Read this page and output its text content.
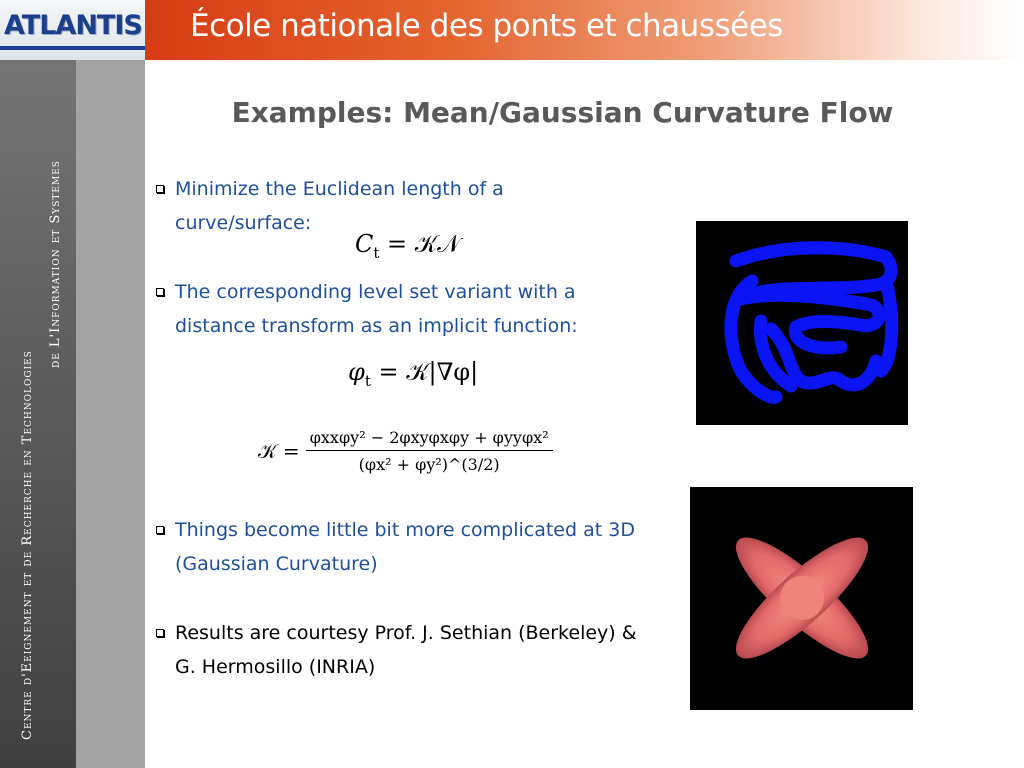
ATLANTIS École nationale des ponts et chaussées
Centre d'Eeignement et de Recherche en Technologies
de L'Information et Systemes
Examples: Mean/Gaussian Curvature Flow
Minimize the Euclidean length of a curve/surface:
$C_t$ = 𝒦𝒩
The corresponding level set variant with a distance transform as an implicit function:
$\varphi_t$ = 𝒦|∇φ|
𝒦 = $\frac{\text{φxxφy² − 2φxyφxφy + φyyφx²}}{\text{(φx² + φy²)\textasciicircum{}(3/2)}}$
Things become little bit more complicated at 3D (Gaussian Curvature)
Results are courtesy Prof. J. Sethian (Berkeley) & G. Hermosillo (INRIA)
